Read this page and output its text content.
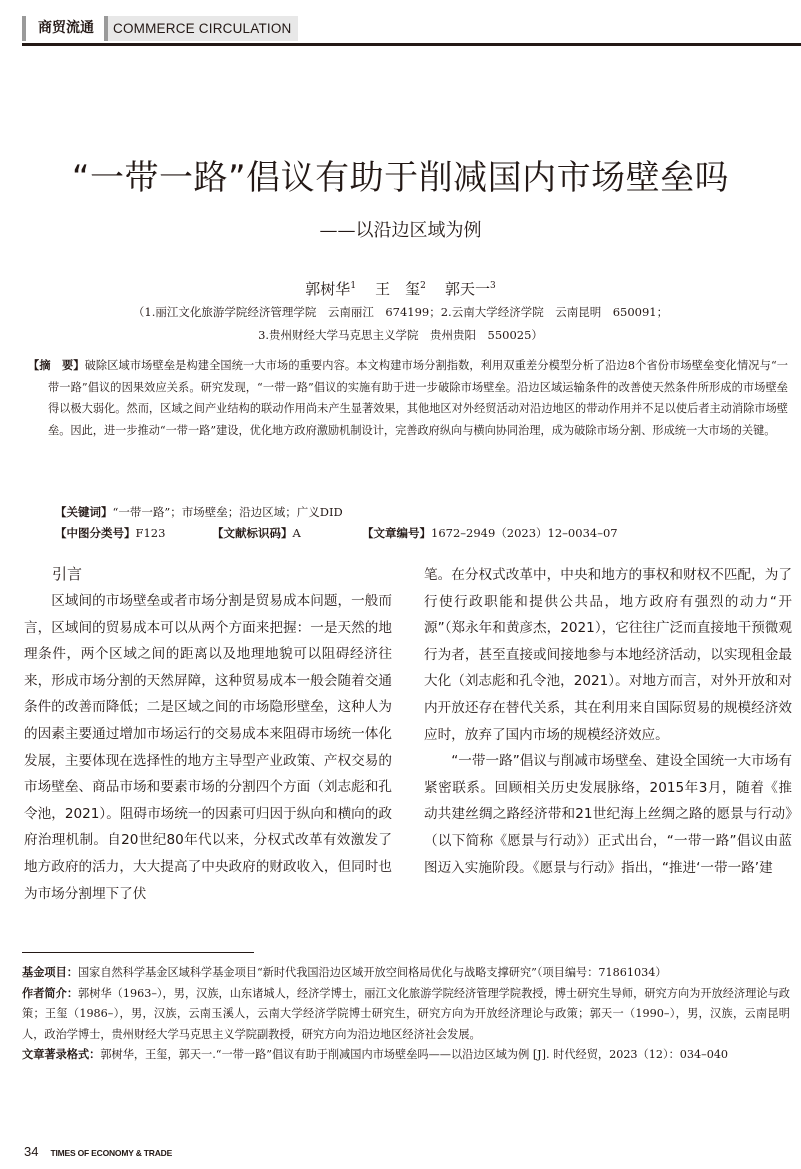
商贸流通	COMMERCE CIRCULATION
“一带一路”倡议有助于削减国内市场壁垒吗
——以沿边区域为例
郭树华$^1$ 王　玺$^2$ 郭天一$^3$
（1.丽江文化旅游学院经济管理学院　云南丽江　674199；2.云南大学经济学院　云南昆明　650091；
3.贵州财经大学马克思主义学院　贵州贵阳　550025）
【摘　要】破除区域市场壁垒是构建全国统一大市场的重要内容。本文构建市场分割指数，利用双重差分模型分析了沿边8个省份市场壁垒变化情况与“一带一路”倡议的因果效应关系。研究发现，“一带一路”倡议的实施有助于进一步破除市场壁垒。沿边区域运输条件的改善使天然条件所形成的市场壁垒得以极大弱化。然而，区域之间产业结构的联动作用尚未产生显著效果，其他地区对外经贸活动对沿边地区的带动作用并不足以使后者主动消除市场壁垒。因此，进一步推动“一带一路”建设，优化地方政府激励机制设计，完善政府纵向与横向协同治理，成为破除市场分割、形成统一大市场的关键。
【关键词】“一带一路”；市场壁垒；沿边区域；广义DID
【中图分类号】F123	【文献标识码】A	【文章编号】1672–2949（2023）12–0034–07
引言

区域间的市场壁垒或者市场分割是贸易成本问题，一般而言，区域间的贸易成本可以从两个方面来把握：一是天然的地理条件，两个区域之间的距离以及地理地貌可以阻碍经济往来，形成市场分割的天然屏障，这种贸易成本一般会随着交通条件的改善而降低；二是区域之间的市场隐形壁垒，这种人为的因素主要通过增加市场运行的交易成本来阻碍市场统一体化发展，主要体现在选择性的地方主导型产业政策、产权交易的市场壁垒、商品市场和要素市场的分割四个方面（刘志彪和孔令池，2021）。阻碍市场统一的因素可归因于纵向和横向的政府治理机制。自20世纪80年代以来，分权式改革有效激发了地方政府的活力，大大提高了中央政府的财政收入，但同时也为市场分割埋下了伏

笔。在分权式改革中，中央和地方的事权和财权不匹配，为了行使行政职能和提供公共品，地方政府有强烈的动力“开源”（郑永年和黄彦杰，2021），它往往广泛而直接地干预微观行为者，甚至直接或间接地参与本地经济活动，以实现租金最大化（刘志彪和孔令池，2021）。对地方而言，对外开放和对内开放还存在替代关系，其在利用来自国际贸易的规模经济效应时，放弃了国内市场的规模经济效应。

“一带一路”倡议与削减市场壁垒、建设全国统一大市场有紧密联系。回顾相关历史发展脉络，2015年3月，随着《推动共建丝绸之路经济带和21世纪海上丝绸之路的愿景与行动》（以下简称《愿景与行动》）正式出台，“一带一路”倡议由蓝图迈入实施阶段。《愿景与行动》指出，“推进‘一带一路’建

基金项目：国家自然科学基金区域科学基金项目“新时代我国沿边区域开放空间格局优化与战略支撑研究”（项目编号：71861034）

作者简介：郭树华（1963–），男，汉族，山东诸城人，经济学博士，丽江文化旅游学院经济管理学院教授，博士研究生导师，研究方向为开放经济理论与政策；王玺（1986–），男，汉族，云南玉溪人，云南大学经济学院博士研究生，研究方向为开放经济理论与政策；郭天一（1990–），男，汉族，云南昆明人，政治学博士，贵州财经大学马克思主义学院副教授，研究方向为沿边地区经济社会发展。

文章著录格式：郭树华，王玺，郭天一.“一带一路”倡议有助于削减国内市场壁垒吗——以沿边区域为例 [J]. 时代经贸，2023（12）：034–040

34 TIMES OF ECONOMY & TRADE
